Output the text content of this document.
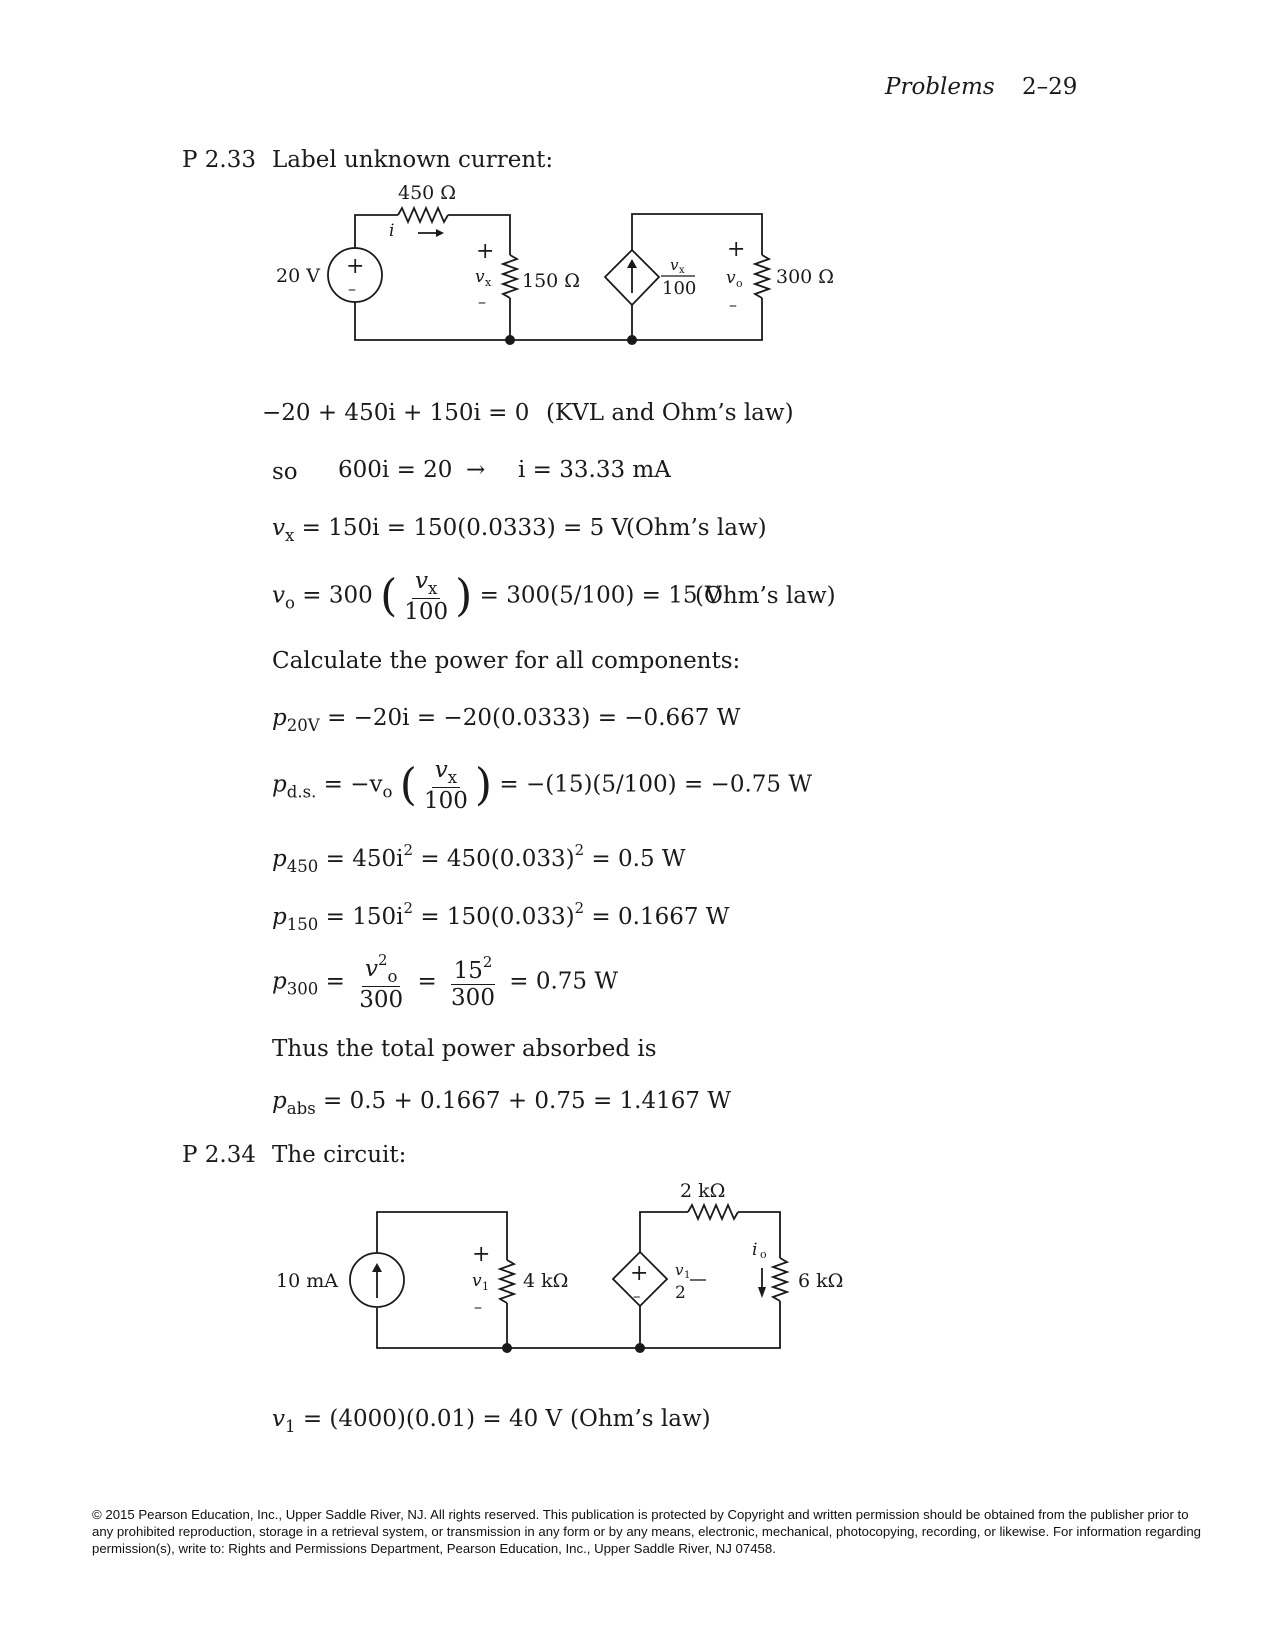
Problems 2–29
P 2.33 Label unknown current:
450 Ω
i
20 V +
–
+
v x
–
150 Ω
v x
100
+
v o
–
300 Ω
−20 + 450i + 150i = 0 (KVL and Ohm’s law)
so 600i = 20 → i = 33.33 mA
$v_x = 150i = 150(0.0333) = 5$ V
(Ohm’s law)
$v_o = 300$ ( $\frac{v_x}{100}$ ) = 300(5/100) = 15 V
(Ohm’s law)
Calculate the power for all components:
$p_{20V} = -20i = -20(0.0333) = -0.667$ W
$p_{d.s.} = -v_o$ ( $\frac{v_x}{100}$ ) = −(15)(5/100) = −0.75 W
$p_{450} = 450i^2 = 450(0.033)^2 = 0.5$ W
$p_{150} = 150i^2 = 150(0.033)^2 = 0.1667$ W
$p_{300} = \frac{v^2_o}{300} = \frac{15^2}{300} = 0.75$ W
Thus the total power absorbed is
$p_{abs} = 0.5 + 0.1667 + 0.75 = 1.4167$ W
P 2.34 The circuit:
10 mA
+
v 1
–
4 kΩ	+
–
v 1
2
2 kΩ
i o
6 kΩ
$v_1 = (4000)(0.01) = 40$ V (Ohm’s law)
© 2015 Pearson Education, Inc., Upper Saddle River, NJ. All rights reserved. This publication is protected by Copyright and written permission should be obtained from the publisher prior to any prohibited reproduction, storage in a retrieval system, or transmission in any form or by any means, electronic, mechanical, photocopying, recording, or likewise. For information regarding permission(s), write to: Rights and Permissions Department, Pearson Education, Inc., Upper Saddle River, NJ 07458.
